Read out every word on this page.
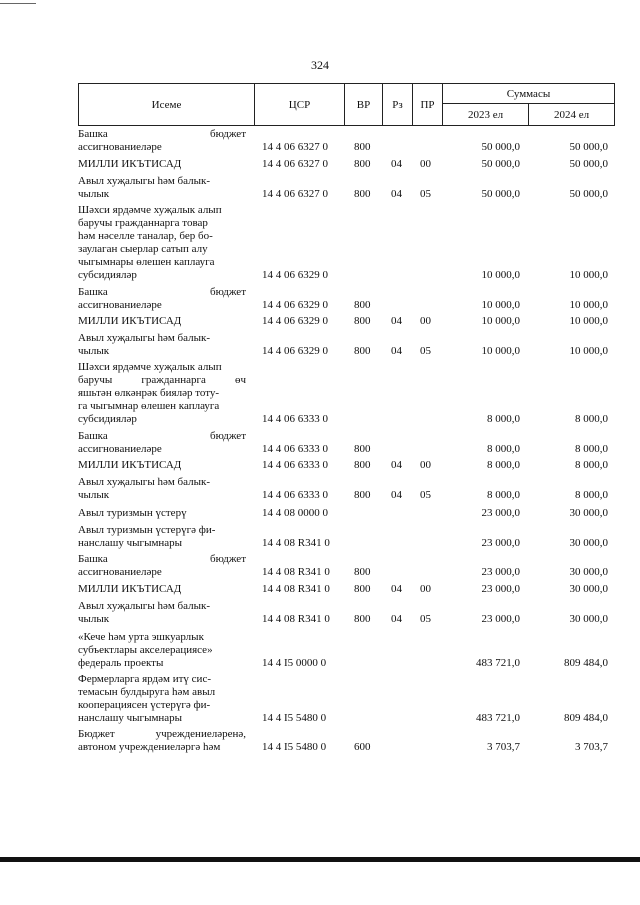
324
Исеме	ЦСР	ВР	Рз	ПР	Суммасы	
					2023 ел	2024 ел
Башка	бюджет
ассигнованиеләре	14 4 06 6327 0 800	50 000,0	50 000,0
МИЛЛИ ИКЪТИСАД	14 4 06 6327 0 800 04 00	50 000,0	50 000,0
Авыл хуҗалыгы һәм балык-
чылык	14 4 06 6327 0 800 04 05	50 000,0	50 000,0
Шәхси ярдәмче хуҗалык алып
баручы гражданнарга товар
һәм нәселле таналар, бер бо-
заулаган сыерлар сатып алу
чыгымнары өлешен каплауга
субсидияләр	14 4 06 6329 0	10 000,0	10 000,0
Башка	бюджет
ассигнованиеләре	14 4 06 6329 0 800	10 000,0	10 000,0
МИЛЛИ ИКЪТИСАД	14 4 06 6329 0 800 04 00	10 000,0	10 000,0
Авыл хуҗалыгы һәм балык-
чылык	14 4 06 6329 0 800 04 05	10 000,0	10 000,0
Шәхси ярдәмче хуҗалык алып
баручы	гражданнарга	өч
яшьтән өлкәнрәк бияләр тоту-
га чыгымнар өлешен каплауга
субсидияләр	14 4 06 6333 0	8 000,0	8 000,0
Башка	бюджет
ассигнованиеләре	14 4 06 6333 0 800	8 000,0	8 000,0
МИЛЛИ ИКЪТИСАД	14 4 06 6333 0 800 04 00	8 000,0	8 000,0
Авыл хуҗалыгы һәм балык-
чылык	14 4 06 6333 0 800 04 05	8 000,0	8 000,0
Авыл туризмын үстерү	14 4 08 0000 0	23 000,0	30 000,0
Авыл туризмын үстерүгә фи-
нанслашу чыгымнары	14 4 08 R341 0	23 000,0	30 000,0
Башка	бюджет
ассигнованиеләре	14 4 08 R341 0 800	23 000,0	30 000,0
МИЛЛИ ИКЪТИСАД	14 4 08 R341 0 800 04 00	23 000,0	30 000,0
Авыл хуҗалыгы һәм балык-
чылык	14 4 08 R341 0 800 04 05	23 000,0	30 000,0
«Кече һәм урта эшкуарлык
субъектлары акселерациясе»
федераль проекты	14 4 I5 0000 0	483 721,0	809 484,0
Фермерларга ярдәм итү сис-
темасын булдыруга һәм авыл
кооперациясен үстерүгә фи-
нанслашу чыгымнары	14 4 I5 5480 0	483 721,0	809 484,0
Бюджет	учреждениеләренә,
автоном учреждениеләргә һәм	14 4 I5 5480 0	600	3 703,7	3 703,7
